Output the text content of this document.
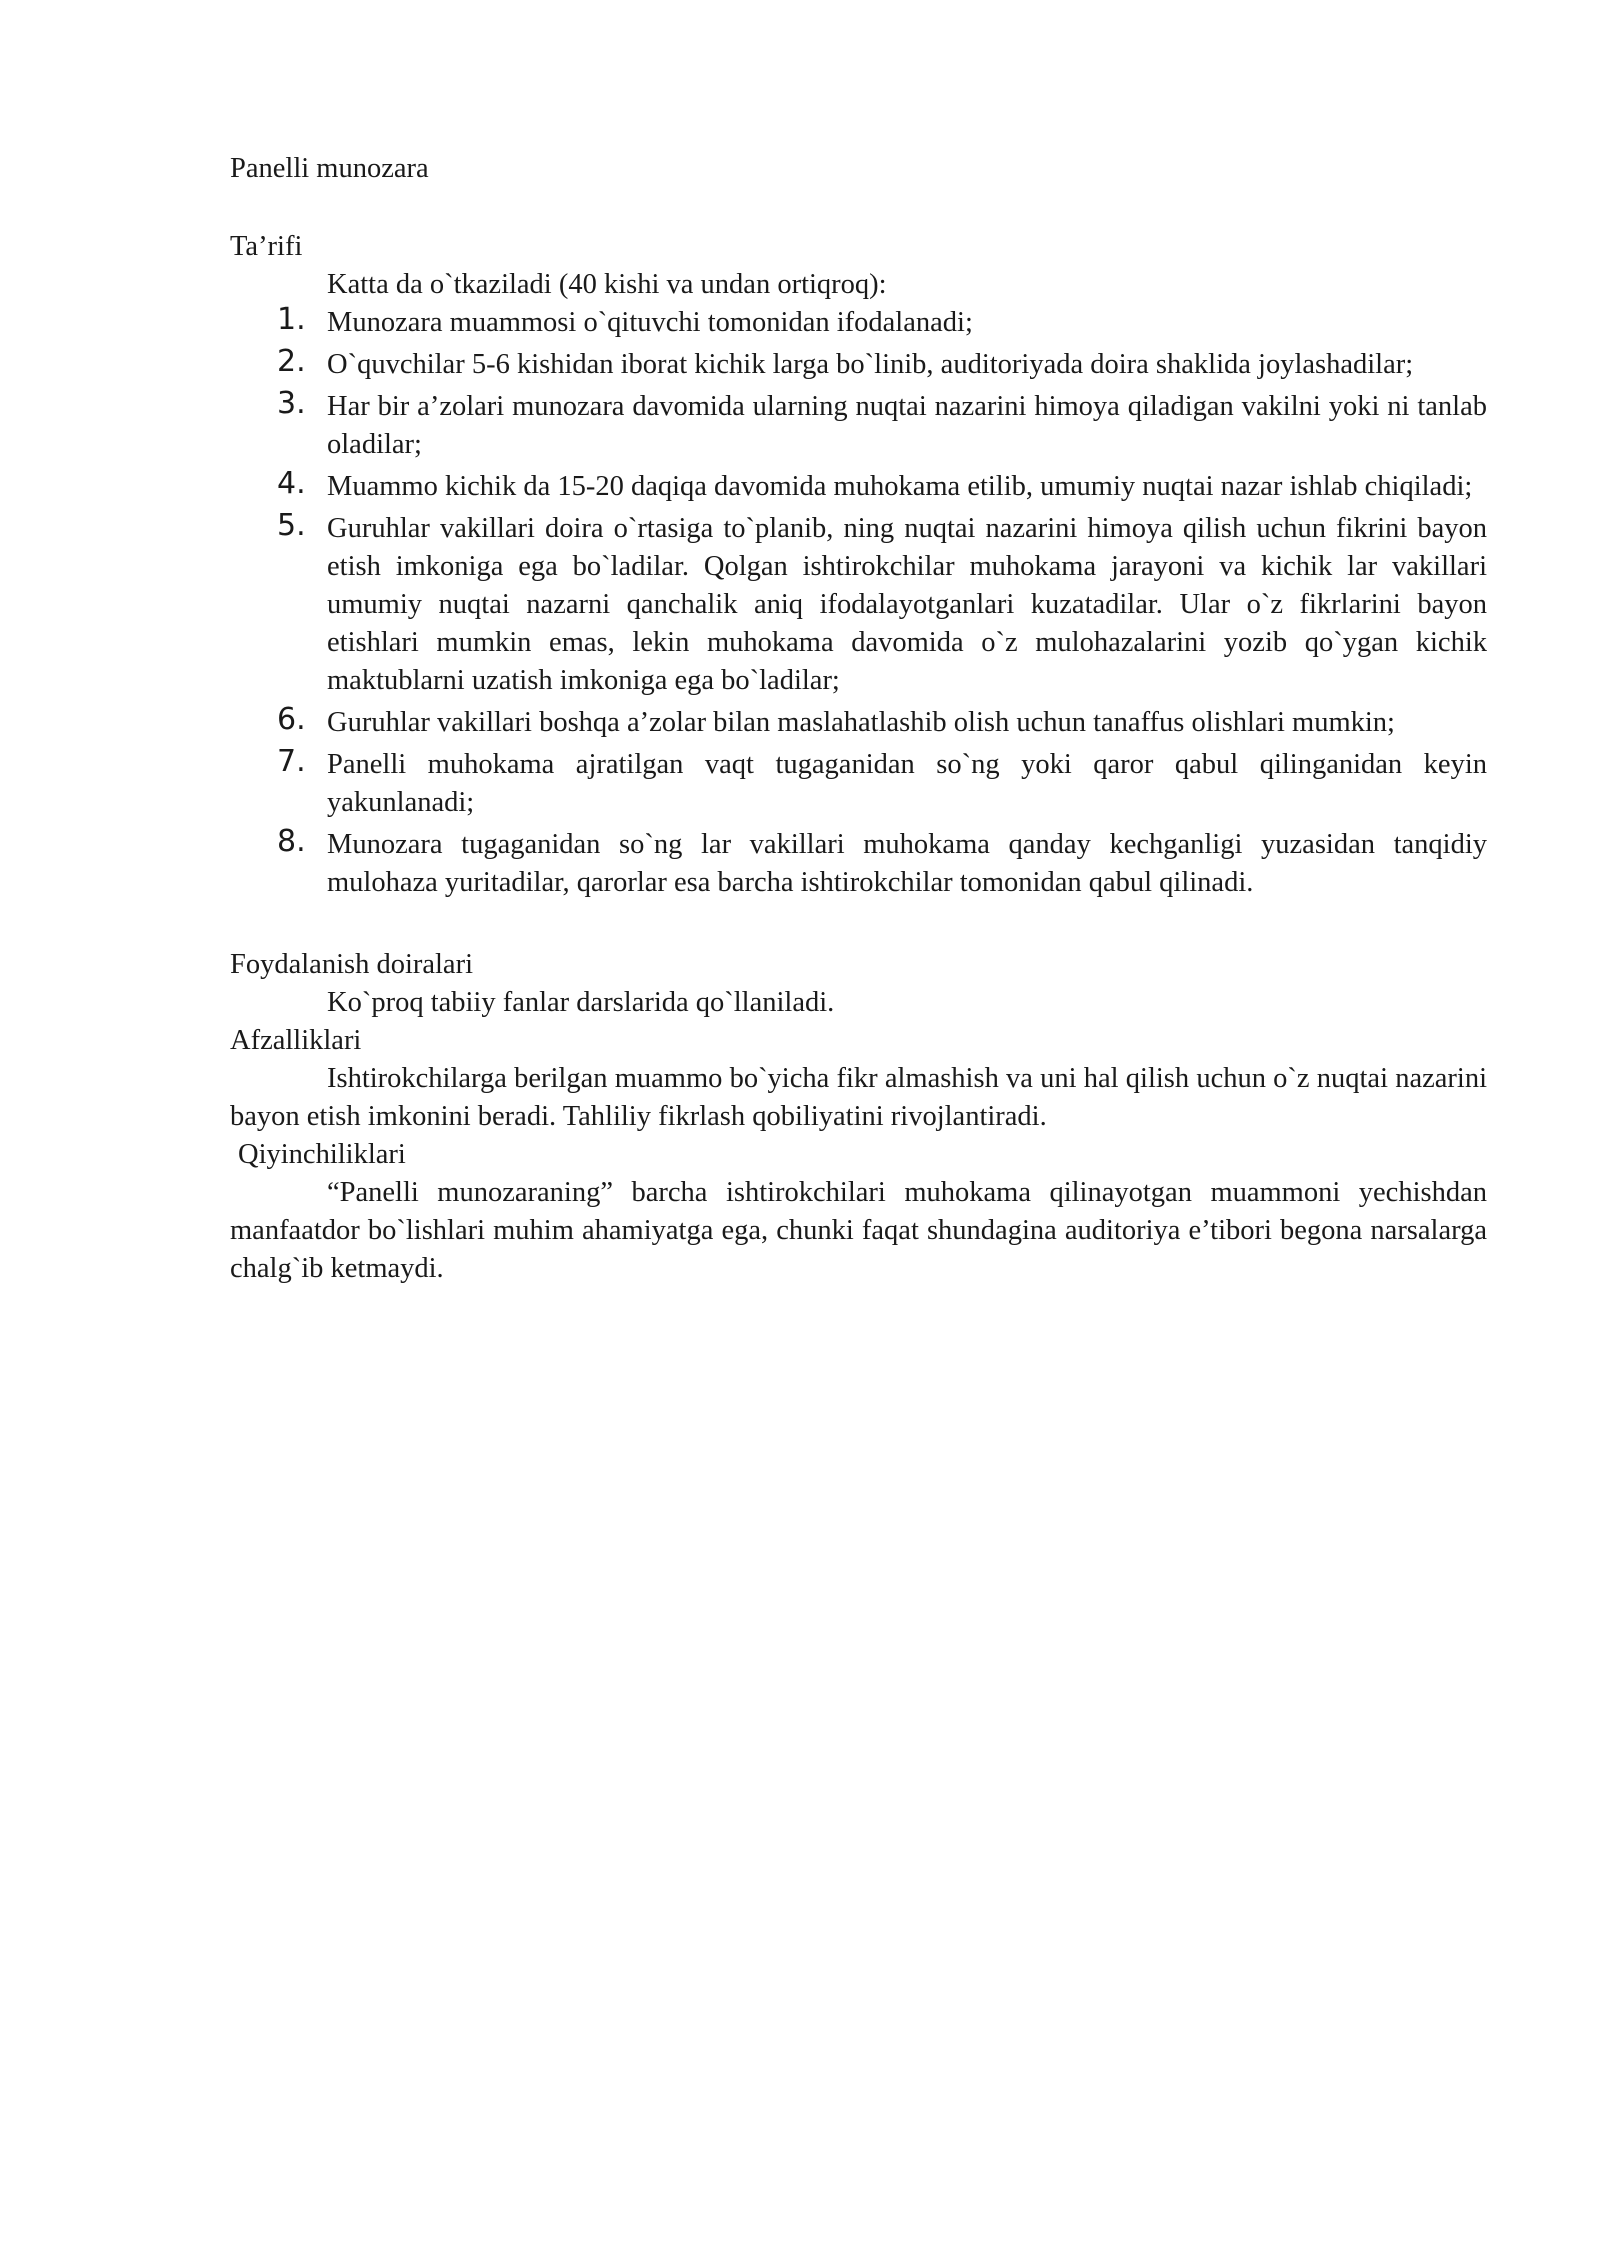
Panelli munozara

Ta’rifi

Katta da o`tkaziladi (40 kishi va undan ortiqroq):

1. Munozara muammosi o`qituvchi tomonidan ifodalanadi;
2. O`quvchilar 5-6 kishidan iborat kichik larga bo`linib, auditoriyada doira shaklida joylashadilar;
3. Har bir a’zolari munozara davomida ularning nuqtai nazarini himoya qiladigan vakilni yoki ni tanlab oladilar;
4. Muammo kichik da 15-20 daqiqa davomida muhokama etilib, umumiy nuqtai nazar ishlab chiqiladi;
5. Guruhlar vakillari doira o`rtasiga to`planib, ning nuqtai nazarini himoya qilish uchun fikrini bayon etish imkoniga ega bo`ladilar. Qolgan ishtirokchilar muhokama jarayoni va kichik lar vakillari umumiy nuqtai nazarni qanchalik aniq ifodalayotganlari kuzatadilar. Ular o`z fikrlarini bayon etishlari mumkin emas, lekin muhokama davomida o`z mulohazalarini yozib qo`ygan kichik maktublarni uzatish imkoniga ega bo`ladilar;
6. Guruhlar vakillari boshqa a’zolar bilan maslahatlashib olish uchun tanaffus olishlari mumkin;
7. Panelli muhokama ajratilgan vaqt tugaganidan so`ng yoki qaror qabul qilinganidan keyin yakunlanadi;
8. Munozara tugaganidan so`ng lar vakillari muhokama qanday kechganligi yuzasidan tanqidiy mulohaza yuritadilar, qarorlar esa barcha ishtirokchilar tomonidan qabul qilinadi.

Foydalanish doiralari

Ko`proq tabiiy fanlar darslarida qo`llaniladi.

Afzalliklari

Ishtirokchilarga berilgan muammo bo`yicha fikr almashish va uni hal qilish uchun o`z nuqtai nazarini bayon etish imkonini beradi. Tahliliy fikrlash qobiliyatini rivojlantiradi.

Qiyinchiliklari

“Panelli munozaraning” barcha ishtirokchilari muhokama qilinayotgan muammoni yechishdan manfaatdor bo`lishlari muhim ahamiyatga ega, chunki faqat shundagina auditoriya e’tibori begona narsalarga chalg`ib ketmaydi.
